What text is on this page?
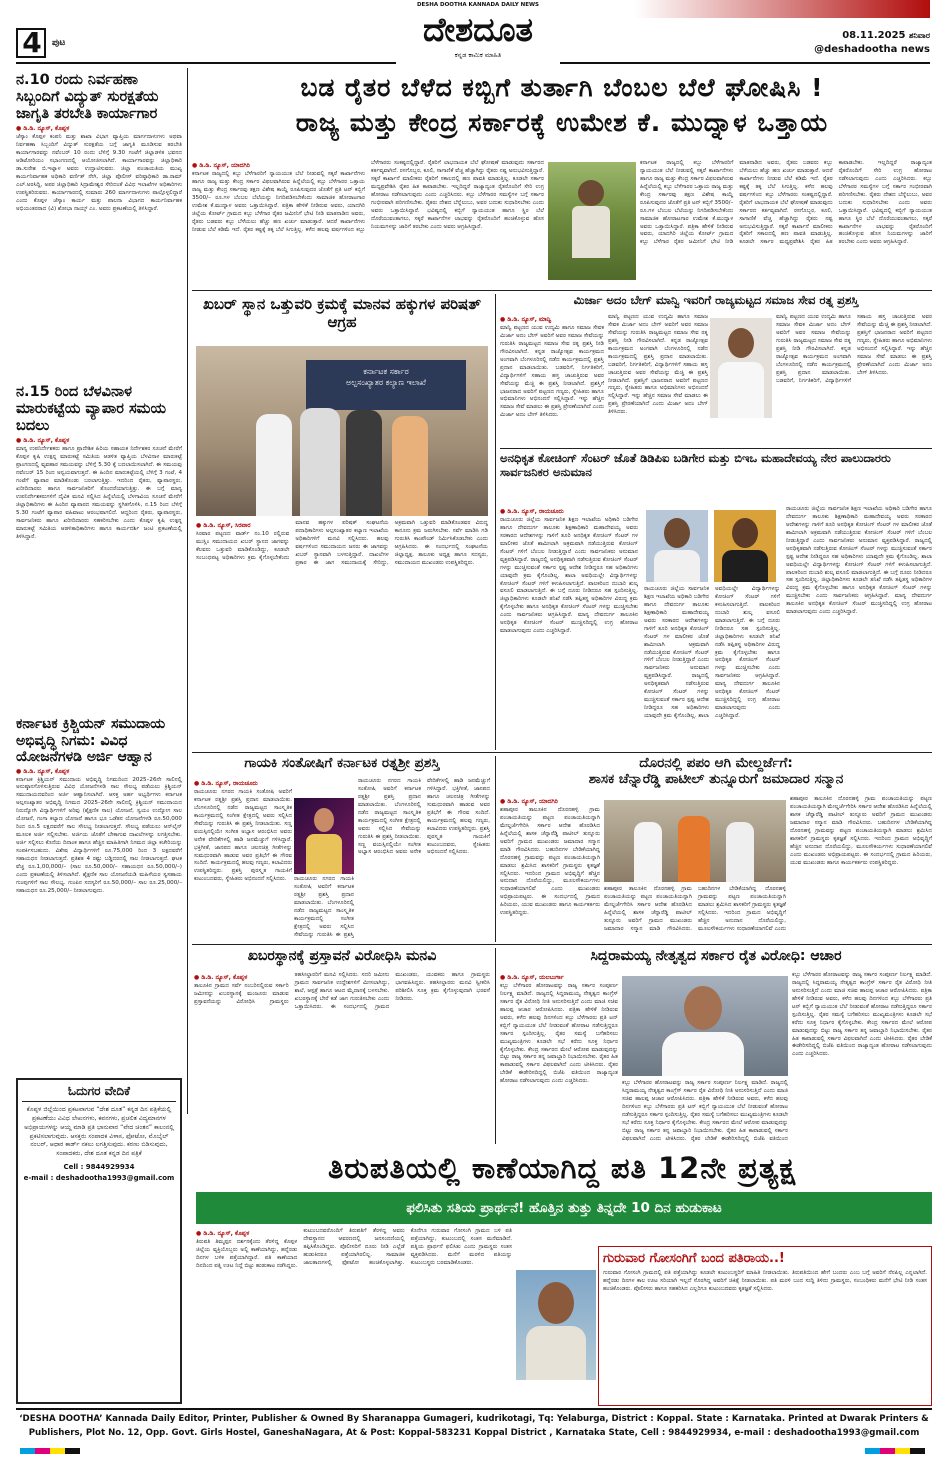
4	ಪುಟ
DESHA DOOTHA KANNADA DAILY NEWS
ದೇಶದೂತ
ಕನ್ನಡ ಕಾಮಿಕ ಮಾಹಿತಿ
08.11.2025 ಶನಿವಾರ
@deshadootha news
ನ.10 ರಂದು ನಿರ್ವಹಣಾ ಸಿಬ್ಬಂದಿಗೆ ವಿದ್ಯುತ್ ಸುರಕ್ಷತೆಯ ಜಾಗೃತಿ ತರಬೇತಿ ಕಾರ್ಯಾಗಾರ
● ಡಿ.ಡಿ. ನ್ಯೂಸ್, ಕೊಪ್ಪಳ
ಜೆಸ್ಕಾಂ ಕೊಪ್ಪಳ ಕಂಪನಿ ಮತ್ತು ಶಾಖಾ ವಿಭಾಗ ವ್ಯಾಪ್ತಿಯ ಮಾರ್ಗದಾಳುಗಳು ಅಥವಾ ನಿರ್ವಹಣಾ ಸಿಬ್ಬಂದಿಗೆ ವಿದ್ಯುತ್ ಸುರಕ್ಷತೆಯ ಬಗ್ಗೆ ಜಾಗೃತಿ ಮೂಡಿಸುವ ತರಬೇತಿ ಕಾರ್ಯಾಗಾರವನ್ನು ನವೆಂಬರ್ 10 ರಂದು ಬೆಳಿಗ್ಗೆ 9.30 ಗಂಟೆಗೆ ಜಿಲ್ಲಾಡಳಿತ ಭವನದ ಆಡಿಟೋರಿಯಂ ಸಭಾಂಗಣದಲ್ಲಿ ಆಯೋಜಿಸಲಾಗಿದೆ. ಕಾರ್ಯಾಗಾರವನ್ನು ಜಿಲ್ಲಾಧಿಕಾರಿ ಡಾ.ಸುರೇಶ ಬಿ.ಇಟ್ನಾಳ ಅವರು ಉದ್ಘಾಟಿಸುವರು. ಜಿಲ್ಲಾ ಪಂಚಾಯತಿಯ ಮುಖ್ಯ ಕಾರ್ಯನಿರ್ವಾಹಕ ಅಧಿಕಾರಿ ವರ್ಣಿತ್ ನೇಗಿ, ಜಿಲ್ಲಾ ಪೊಲೀಸ್ ವರಿಷ್ಠಾಧಿಕಾರಿ ಡಾ.ರಾಮ್ ಎಲ್.ಅರಸಿದ್ದಿ, ಅಪರ ಜಿಲ್ಲಾಧಿಕಾರಿ ಸಿದ್ರಾಮೇಶ್ವರ ಸೇರಿದಂತೆ ವಿವಿಧ ಇಲಾಖೆಗಳ ಅಧಿಕಾರಿಗಳು ಉಪಸ್ಥಿತರಿರುವರು. ಕಾರ್ಯಾಗಾರದಲ್ಲಿ ಸುಮಾರು 260 ಮಾರ್ಗದಾಳುಗಳು ಪಾಲ್ಗೊಳ್ಳಲಿದ್ದಾರೆ ಎಂದು ಕೊಪ್ಪಳ ಜೆಸ್ಕಾಂ ಕಾರ್ಯ ಮತ್ತು ಪಾಲನಾ ವಿಭಾಗದ ಕಾರ್ಯನಿರ್ವಾಹಕ ಅಭಿಯಂತರರಾದ (ವಿ) ಶೋಭಾ ನಾಯ್ಕ್ ಎಂ. ಅವರು ಪ್ರಕಟಣೆಯಲ್ಲಿ ತಿಳಿಸಿದ್ದಾರೆ.
ನ.15 ರಿಂದ ಬೆಳವಿನಾಳ ಮಾರುಕಟ್ಟೆಯ ವ್ಯಾಪಾರ ಸಮಯ ಬದಲು
● ಡಿ.ಡಿ. ನ್ಯೂಸ್, ಕೊಪ್ಪಳ
ಮಾನ್ಯ ಉಪನಿರ್ದೇಶಕರು ಹಾಗೂ ಪ್ರಾದೇಶಿಕ ಹಿರಿಯ ಸಹಾಯಕ ನಿರ್ದೇಶಕರ ಸೂಚನೆ ಮೇರೆಗೆ ಕೊಪ್ಪಳ ಕೃಷಿ ಉತ್ಪನ್ನ ಮಾರುಕಟ್ಟೆ ಸಮಿತಿಯ ಆಡಳಿತ ವ್ಯಾಪ್ತಿಯ ಬೆಳವಿನಾಳ ಮಾರುಕಟ್ಟೆ ಪ್ರಾಂಗಣದಲ್ಲಿ ವ್ಯವಹಾರ ಸಮಯವನ್ನು ಬೆಳಿಗ್ಗೆ 5.30 ಕ್ಕೆ ಬದಲಾಯಿಸಲಾಗಿದೆ. ಈ ಸಮಯವು ನವೆಂಬರ್ 15 ರಿಂದ ಅನ್ವಯವಾಗುತ್ತದೆ. ಈ ಹಿಂದಿನ ಮಾರುಕಟ್ಟೆಯಲ್ಲಿ ಬೆಳಿಗ್ಗೆ 3 ಗಂಟೆ, 4 ಗಂಟೆಗೆ ವ್ಯಾಪಾರ ಮಾಡಿಕೊಂಡು ಬರಲಾಗುತ್ತಿತ್ತು. ಇದರಿಂದ ರೈತರು, ವ್ಯಾಪಾರಸ್ಥರು, ಖರೀದಿದಾರರು ಹಾಗೂ ಸಾರ್ವಜನಿಕರಿಗೆ ತೊಂದರೆಯಾಗುತ್ತಿತ್ತು. ಈ ಬಗ್ಗೆ ಮಾನ್ಯ ಉಪನಿರ್ದೇಶಕರುಗಳಿಗೆ ದೈವಿಕ ಮನವಿ ಸಲ್ಲಿಸಿದ ಹಿನ್ನೆಲೆಯಲ್ಲಿ ಬೆಳಗಾವಿಯ ಸೂಚನೆ ಮೇರೆಗೆ ಜಿಲ್ಲಾಧಿಕಾರಿಗಳು ಈ ಹಿಂದಿನ ವ್ಯಾಪಾರದ ಸಮಯವನ್ನು ಸ್ಥಗಿತಗೊಳಿಸಿ, ನ.15 ರಿಂದ ಬೆಳಿಗ್ಗೆ 5.30 ಗಂಟೆಗೆ ವ್ಯಾಪಾರ ವಹಿವಾಟು ಆರಂಭವಾಗಲಿದೆ. ಆದ್ದರಿಂದ ರೈತರು, ವ್ಯಾಪಾರಸ್ಥರು, ಸಾರ್ವಜನಿಕರು ಹಾಗೂ ಖರೀದಿದಾರರು ಸಹಕರಿಸಬೇಕು ಎಂದು ಕೊಪ್ಪಳ ಕೃಷಿ ಉತ್ಪನ್ನ ಮಾರುಕಟ್ಟೆ ಸಮಿತಿಯ ಆಡಳಿತಾಧಿಕಾರಿಗಳು ಹಾಗೂ ಕಾರ್ಯದರ್ಶಿ ಜಂಟಿ ಪ್ರಕಟಣೆಯಲ್ಲಿ ತಿಳಿಸಿದ್ದಾರೆ.
ಕರ್ನಾಟಕ ಕ್ರಿಶ್ಚಿಯನ್ ಸಮುದಾಯ ಅಭಿವೃದ್ಧಿ ನಿಗಮ: ವಿವಿಧ ಯೋಜನೆಗಳಡಿ ಅರ್ಜಿ ಆಹ್ವಾನ
● ಡಿ.ಡಿ. ನ್ಯೂಸ್, ಕೊಪ್ಪಳ
ಕರ್ನಾಟಕ ಕ್ರಿಶ್ಚಿಯನ್ ಸಮುದಾಯ ಅಭಿವೃದ್ಧಿ ನಿಗಮದಿಂದ 2025–26ನೇ ಸಾಲಿನಲ್ಲಿ ಅನುಷ್ಠಾನಗೊಳಿಸುತ್ತಿರುವ ವಿವಿಧ ಯೋಜನೆಗಳಡಿ ಸಾಲ ಸೌಲಭ್ಯ ಪಡೆಯಲು ಕ್ರಿಶ್ಚಿಯನ್ ಸಮುದಾಯದವರಿಂದ ಅರ್ಜಿ ಆಹ್ವಾನಿಸಲಾಗಿದೆ. ಆಸಕ್ತ ಅರ್ಹ ಅಭ್ಯರ್ಥಿಗಳು ಕರ್ನಾಟಕ ಅಲ್ಪಸಂಖ್ಯಾತರ ಅಭಿವೃದ್ಧಿ ನಿಗಮದ 2025–26ನೇ ಸಾಲಿನಲ್ಲಿ ಕ್ರಿಶ್ಚಿಯನ್ ಸಮುದಾಯದ ನಿರುದ್ಯೋಗಿ ವಿದ್ಯಾರ್ಥಿಗಳಿಗೆ ಅರಿವು (ಶೈಕ್ಷಣಿಕ ಸಾಲ) ಯೋಜನೆ, ಸ್ವಯಂ ಉದ್ಯೋಗ ಸಾಲ ಯೋಜನೆ, ಗಂಗಾ ಕಲ್ಯಾಣ ಯೋಜನೆ ಹಾಗೂ ಭೂ ಒಡೆತನ ಯೋಜನೆಗಳಡಿ ರೂ.50,000 ರಿಂದ ರೂ.5 ಲಕ್ಷದವರೆಗೆ ಸಾಲ ಸೌಲಭ್ಯ ನೀಡಲಾಗುತ್ತದೆ. ಸೌಲಭ್ಯ ಪಡೆಯಲು ಆನ್‌ಲೈನ್ ಮೂಲಕ ಅರ್ಜಿ ಸಲ್ಲಿಸಬೇಕು. ಅರ್ಜಿಯ ಜೊತೆಗೆ ಬೇಕಾಗುವ ದಾಖಲೆಗಳನ್ನು ಲಗತ್ತಿಸಬೇಕು. ಅರ್ಜಿ ಸಲ್ಲಿಸಲು ಕೊನೆಯ ದಿನಾಂಕ ಹಾಗೂ ಹೆಚ್ಚಿನ ಮಾಹಿತಿಗಾಗಿ ನಿಗಮದ ಜಿಲ್ಲಾ ಕಚೇರಿಯನ್ನು ಸಂಪರ್ಕಿಸಬಹುದು. ವಿಶೇಷ ವಿದ್ಯಾರ್ಥಿಗಳಿಗೆ ರೂ.75,000 ರಿಂದ 3 ಲಕ್ಷದವರೆಗೆ ಸಹಾಯಧನ ನೀಡಲಾಗುತ್ತದೆ. ಪ್ರತಿಶತ 4 ರಷ್ಟು ಬಡ್ಡಿದರದಲ್ಲಿ ಸಾಲ ನೀಡಲಾಗುತ್ತದೆ. ಘಟಕ ವೆಚ್ಚ ರೂ.1,00,000/– (ಸಾಲ ರೂ.50,000/– ಸಹಾಯಧನ ರೂ.50,000/–) ಎಂದು ಪ್ರಕಟಣೆಯಲ್ಲಿ ತಿಳಿಸಲಾಗಿದೆ. ಶೈಕ್ಷಣಿಕ ಸಾಲ ಯೋಜನೆಯಡಿ ಮಹಿಳೆಯರ ಸ್ವಸಹಾಯ ಗುಂಪುಗಳಿಗೆ ಸಾಲ ಸೌಲಭ್ಯ. ಗುಂಪಿನ ಸದಸ್ಯರಿಗೆ ರೂ.50,000/– ಸಾಲ ರೂ.25,000/– ಸಹಾಯಧನ ರೂ.25,000/– ನೀಡಲಾಗುವುದು.
ಓದುಗರ ವೇದಿಕೆ
ಕೊಪ್ಪಳ ಜಿಲ್ಲೆಯಿಂದ ಪ್ರಕಟವಾಗುವ “ದೇಶ ದೂತ” ಕನ್ನಡ ದಿನ ಪತ್ರಿಕೆಯಲ್ಲಿ ಪ್ರಕಟಣೆಯು ವಿವಿಧ ಲೇಖನಗಳು, ಕವನಗಳು, ಪ್ರಚಲಿತ ವಿದ್ಯಮಾನಗಳ ಅಭಿಪ್ರಾಯಗಳನ್ನು ಆಯ್ದ ಮಾಡಿ ಪ್ರತಿ ಭಾನುವಾರ “ವೇದ ಚಿಂತನ” ಕಾಲಂನಲ್ಲಿ ಪ್ರಕಟಿಸಲಾಗುವುದು. ಆಸಕ್ತರು ಸಂಪಾದಕ ವಿಳಾಸ, ಫೋಟೋ, ಮೊಬೈಲ್ ನಂಬರ್, ಆಧಾರ ಕಾರ್ಡ್ ನಕಲು ಲಗತ್ತಿಸುವುದು. ಕರಣು ಬಿಡಿಸುವುದು, ಸಂಪಾದಕರು, ದೇಶ ದೂತ ಕನ್ನಡ ದಿನ ಪತ್ರಿಕೆ
Cell : 9844929934
e-mail : deshadootha1993@gmail.com
ಬಡ ರೈತರ ಬೆಳೆದ ಕಬ್ಬಿಗೆ ತುರ್ತಾಗಿ ಬೆಂಬಲ ಬೆಲೆ ಘೋಷಿಸಿ !
ರಾಜ್ಯ ಮತ್ತು ಕೇಂದ್ರ ಸರ್ಕಾರಕ್ಕೆ ಉಮೇಶ ಕೆ. ಮುದ್ನಾಳ ಒತ್ತಾಯ
● ಡಿ.ಡಿ. ನ್ಯೂಸ್, ಯಾದಗಿರಿ
ಕರ್ನಾಟಕ ರಾಜ್ಯದಲ್ಲಿ ಕಬ್ಬು ಬೆಳೆಗಾರರಿಗೆ ನ್ಯಾಯಯುತ ಬೆಲೆ ನೀಡುವಲ್ಲಿ ಸಕ್ಕರೆ ಕಾರ್ಖಾನೆಗಳು ಹಾಗೂ ರಾಜ್ಯ ಮತ್ತು ಕೇಂದ್ರ ಸರ್ಕಾರ ವಿಫಲವಾಗಿರುವ ಹಿನ್ನೆಲೆಯಲ್ಲಿ ಕಬ್ಬು ಬೆಳೆಗಾರರ ಒತ್ತಾಯ ರಾಜ್ಯ ಮತ್ತು ಕೇಂದ್ರ ಸರ್ಕಾರವು ತಕ್ಷಣ ವಿಶೇಷ ಕಾಯ್ದೆ ರೂಪಿಸುವುದರ ಜೊತೆಗೆ ಪ್ರತಿ ಟನ್ ಕಬ್ಬಿಗೆ 3500/– ರೂ.ಗಳ ಬೆಂಬಲ ಬೆಲೆಯನ್ನು ನಿಗದಿಪಡಿಸಬೇಕೆಂದು ಸಾಮಾಜಿಕ ಹೋರಾಟಗಾರ ಉಮೇಶ ಕೆ.ಮುದ್ನಾಳ ಅವರು ಒತ್ತಾಯಿಸಿದ್ದಾರೆ. ಪತ್ರಿಕಾ ಹೇಳಿಕೆ ನೀಡಿರುವ ಅವರು, ಯಾದಗಿರಿ ಜಿಲ್ಲೆಯ ಕೋರ್ಟ್ ಗ್ರಾಮದ ಕಬ್ಬು ಬೆಳೆಗಾರ ರೈತರ ಜಮೀನಿಗೆ ಭೇಟಿ ನೀಡಿ ಮಾತನಾಡಿದ ಅವರು, ರೈತರು ಬಡವರು ಕಬ್ಬು ಬೆಳೆಯಲು ಹೆಚ್ಚು ಹಣ ಖರ್ಚು ಮಾಡುತ್ತಾರೆ. ಆದರೆ ಕಾರ್ಖಾನೆಗಳು ನೀಡುವ ಬೆಲೆ ಕಡಿಮೆ ಇದೆ. ರೈತರ ಕಷ್ಟಕ್ಕೆ ತಕ್ಕ ಬೆಲೆ ಸಿಗುತ್ತಿಲ್ಲ. ಕಳೆದ ಹಲವು ವರ್ಷಗಳಿಂದ ಕಬ್ಬು ಬೆಳೆಗಾರರು ಸಂಕಷ್ಟದಲ್ಲಿದ್ದಾರೆ. ರೈತರಿಗೆ ಲಾಭದಾಯಕ ಬೆಲೆ ಘೋಷಣೆ ಮಾಡುವುದು ಸರ್ಕಾರದ ಕರ್ತವ್ಯವಾಗಿದೆ. ರಸಗೊಬ್ಬರ, ಕೂಲಿ, ಸಾಗಾಣಿಕೆ ವೆಚ್ಚ ಹೆಚ್ಚಾಗಿದ್ದು ರೈತರು ನಷ್ಟ ಅನುಭವಿಸುತ್ತಿದ್ದಾರೆ. ಸಕ್ಕರೆ ಕಾರ್ಖಾನೆ ಮಾಲೀಕರು ರೈತರಿಗೆ ಸಕಾಲದಲ್ಲಿ ಹಣ ಪಾವತಿ ಮಾಡುತ್ತಿಲ್ಲ. ಕೂಡಲೇ ಸರ್ಕಾರ ಮಧ್ಯಪ್ರವೇಶಿಸಿ ರೈತರ ಹಿತ ಕಾಪಾಡಬೇಕು. ಇಲ್ಲದಿದ್ದರೆ ರಾಜ್ಯಾದ್ಯಂತ ರೈತರೊಂದಿಗೆ ಸೇರಿ ಉಗ್ರ ಹೋರಾಟ ನಡೆಸಲಾಗುವುದು ಎಂದು ಎಚ್ಚರಿಸಿದರು. ಕಬ್ಬು ಬೆಳೆಗಾರರ ಸಮಸ್ಯೆಗಳ ಬಗ್ಗೆ ಸರ್ಕಾರ ಗಂಭೀರವಾಗಿ ಪರಿಗಣಿಸಬೇಕು. ರೈತರು ದೇಶದ ಬೆನ್ನೆಲುಬು, ಅವರ ಬದುಕು ಸುಧಾರಿಸಬೇಕು ಎಂದು ಅವರು ಒತ್ತಾಯಿಸಿದ್ದಾರೆ. ಭವಿಷ್ಯದಲ್ಲಿ ಕಬ್ಬಿಗೆ ನ್ಯಾಯಯುತ ಹಾಗೂ ಸ್ಥಿರ ಬೆಲೆ ದೊರೆಯುವಂತಾಗಲು, ಸಕ್ಕರೆ ಕಾರ್ಖಾನೆಗಳ ಲಾಭವನ್ನು ರೈತರೊಂದಿಗೆ ಹಂಚಿಕೊಳ್ಳುವ ಹೊಸ ನಿಯಮಗಳನ್ನು ಜಾರಿಗೆ ತರಬೇಕು ಎಂದು ಅವರು ಆಗ್ರಹಿಸಿದ್ದಾರೆ.
ಕರ್ನಾಟಕ ರಾಜ್ಯದಲ್ಲಿ ಕಬ್ಬು ಬೆಳೆಗಾರರಿಗೆ ನ್ಯಾಯಯುತ ಬೆಲೆ ನೀಡುವಲ್ಲಿ ಸಕ್ಕರೆ ಕಾರ್ಖಾನೆಗಳು ಹಾಗೂ ರಾಜ್ಯ ಮತ್ತು ಕೇಂದ್ರ ಸರ್ಕಾರ ವಿಫಲವಾಗಿರುವ ಹಿನ್ನೆಲೆಯಲ್ಲಿ ಕಬ್ಬು ಬೆಳೆಗಾರರ ಒತ್ತಾಯ ರಾಜ್ಯ ಮತ್ತು ಕೇಂದ್ರ ಸರ್ಕಾರವು ತಕ್ಷಣ ವಿಶೇಷ ಕಾಯ್ದೆ ರೂಪಿಸುವುದರ ಜೊತೆಗೆ ಪ್ರತಿ ಟನ್ ಕಬ್ಬಿಗೆ 3500/– ರೂ.ಗಳ ಬೆಂಬಲ ಬೆಲೆಯನ್ನು ನಿಗದಿಪಡಿಸಬೇಕೆಂದು ಸಾಮಾಜಿಕ ಹೋರಾಟಗಾರ ಉಮೇಶ ಕೆ.ಮುದ್ನಾಳ ಅವರು ಒತ್ತಾಯಿಸಿದ್ದಾರೆ. ಪತ್ರಿಕಾ ಹೇಳಿಕೆ ನೀಡಿರುವ ಅವರು, ಯಾದಗಿರಿ ಜಿಲ್ಲೆಯ ಕೋರ್ಟ್ ಗ್ರಾಮದ ಕಬ್ಬು ಬೆಳೆಗಾರ ರೈತರ ಜಮೀನಿಗೆ ಭೇಟಿ ನೀಡಿ ಮಾತನಾಡಿದ ಅವರು, ರೈತರು ಬಡವರು ಕಬ್ಬು ಬೆಳೆಯಲು ಹೆಚ್ಚು ಹಣ ಖರ್ಚು ಮಾಡುತ್ತಾರೆ. ಆದರೆ ಕಾರ್ಖಾನೆಗಳು ನೀಡುವ ಬೆಲೆ ಕಡಿಮೆ ಇದೆ. ರೈತರ ಕಷ್ಟಕ್ಕೆ ತಕ್ಕ ಬೆಲೆ ಸಿಗುತ್ತಿಲ್ಲ. ಕಳೆದ ಹಲವು ವರ್ಷಗಳಿಂದ ಕಬ್ಬು ಬೆಳೆಗಾರರು ಸಂಕಷ್ಟದಲ್ಲಿದ್ದಾರೆ. ರೈತರಿಗೆ ಲಾಭದಾಯಕ ಬೆಲೆ ಘೋಷಣೆ ಮಾಡುವುದು ಸರ್ಕಾರದ ಕರ್ತವ್ಯವಾಗಿದೆ. ರಸಗೊಬ್ಬರ, ಕೂಲಿ, ಸಾಗಾಣಿಕೆ ವೆಚ್ಚ ಹೆಚ್ಚಾಗಿದ್ದು ರೈತರು ನಷ್ಟ ಅನುಭವಿಸುತ್ತಿದ್ದಾರೆ. ಸಕ್ಕರೆ ಕಾರ್ಖಾನೆ ಮಾಲೀಕರು ರೈತರಿಗೆ ಸಕಾಲದಲ್ಲಿ ಹಣ ಪಾವತಿ ಮಾಡುತ್ತಿಲ್ಲ. ಕೂಡಲೇ ಸರ್ಕಾರ ಮಧ್ಯಪ್ರವೇಶಿಸಿ ರೈತರ ಹಿತ ಕಾಪಾಡಬೇಕು. ಇಲ್ಲದಿದ್ದರೆ ರಾಜ್ಯಾದ್ಯಂತ ರೈತರೊಂದಿಗೆ ಸೇರಿ ಉಗ್ರ ಹೋರಾಟ ನಡೆಸಲಾಗುವುದು ಎಂದು ಎಚ್ಚರಿಸಿದರು. ಕಬ್ಬು ಬೆಳೆಗಾರರ ಸಮಸ್ಯೆಗಳ ಬಗ್ಗೆ ಸರ್ಕಾರ ಗಂಭೀರವಾಗಿ ಪರಿಗಣಿಸಬೇಕು. ರೈತರು ದೇಶದ ಬೆನ್ನೆಲುಬು, ಅವರ ಬದುಕು ಸುಧಾರಿಸಬೇಕು ಎಂದು ಅವರು ಒತ್ತಾಯಿಸಿದ್ದಾರೆ. ಭವಿಷ್ಯದಲ್ಲಿ ಕಬ್ಬಿಗೆ ನ್ಯಾಯಯುತ ಹಾಗೂ ಸ್ಥಿರ ಬೆಲೆ ದೊರೆಯುವಂತಾಗಲು, ಸಕ್ಕರೆ ಕಾರ್ಖಾನೆಗಳ ಲಾಭವನ್ನು ರೈತರೊಂದಿಗೆ ಹಂಚಿಕೊಳ್ಳುವ ಹೊಸ ನಿಯಮಗಳನ್ನು ಜಾರಿಗೆ ತರಬೇಕು ಎಂದು ಅವರು ಆಗ್ರಹಿಸಿದ್ದಾರೆ.
ಖಬರ್ ಸ್ಥಾನ ಒತ್ತುವರಿ ಕ್ರಮಕ್ಕೆ ಮಾನವ ಹಕ್ಕುಗಳ ಪರಿಷತ್ ಆಗ್ರಹ
ಕರ್ನಾಟಕ ಸರ್ಕಾರ
ಅಲ್ಪಸಂಖ್ಯಾತರ ಕಲ್ಯಾಣ ಇಲಾಖೆ
● ಡಿ.ಡಿ. ನ್ಯೂಸ್, ಸಿರವಾರ
ಸಿರವಾರ ಪಟ್ಟಣದ ವಾರ್ಡ್ ನಂ.10 ರಲ್ಲಿರುವ ಮುಸ್ಲಿಂ ಸಮುದಾಯದ ಖಬರ್ ಸ್ಥಾನದ ಜಾಗವನ್ನು ಕೆಲವರು ಒತ್ತುವರಿ ಮಾಡಿಕೊಂಡಿದ್ದು, ಕೂಡಲೇ ಸಂಬಂಧಪಟ್ಟ ಅಧಿಕಾರಿಗಳು ಕ್ರಮ ಕೈಗೊಳ್ಳಬೇಕೆಂದು ಮಾನವ ಹಕ್ಕುಗಳ ಪರಿಷತ್ ಸಂಘಟನೆಯ ಪದಾಧಿಕಾರಿಗಳು ಅಲ್ಪಸಂಖ್ಯಾತರ ಕಲ್ಯಾಣ ಇಲಾಖೆಯ ಅಧಿಕಾರಿಗಳಿಗೆ ಮನವಿ ಸಲ್ಲಿಸಿದರು. ಹಲವು ವರ್ಷಗಳಿಂದ ಸಮುದಾಯದ ಜನರು ಈ ಜಾಗವನ್ನು ಖಬರ್ ಸ್ಥಾನವಾಗಿ ಬಳಸುತ್ತಿದ್ದಾರೆ. ದಾಖಲೆಗಳ ಪ್ರಕಾರ ಈ ಜಾಗ ಸಮುದಾಯಕ್ಕೆ ಸೇರಿದ್ದು, ಅಕ್ರಮವಾಗಿ ಒತ್ತುವರಿ ಮಾಡಿಕೊಂಡವರ ವಿರುದ್ಧ ಕಾನೂನು ಕ್ರಮ ಜರುಗಿಸಬೇಕು. ಸರ್ವೆ ಮಾಡಿಸಿ ಗಡಿ ಗುರುತಿಸಿ ಕಾಂಪೌಂಡ್ ನಿರ್ಮಿಸಿಕೊಡಬೇಕು ಎಂದು ಆಗ್ರಹಿಸಿದರು. ಈ ಸಂದರ್ಭದಲ್ಲಿ ಸಂಘಟನೆಯ ಜಿಲ್ಲಾಧ್ಯಕ್ಷ, ತಾಲೂಕು ಅಧ್ಯಕ್ಷ ಹಾಗೂ ಸದಸ್ಯರು, ಸಮುದಾಯದ ಮುಖಂಡರು ಉಪಸ್ಥಿತರಿದ್ದರು.
ಮಿರ್ಜಾ ಅದಂ ಬೇಗ್ ಮಾನ್ವಿ ಇವರಿಗೆ ರಾಜ್ಯಮಟ್ಟದ ಸಮಾಜ ಸೇವ ರತ್ನ ಪ್ರಶಸ್ತಿ
● ಡಿ.ಡಿ. ನ್ಯೂಸ್, ಮಾನ್ವಿ
ಮಾನ್ವಿ ಪಟ್ಟಣದ ಯುವ ಉದ್ಯಮಿ ಹಾಗೂ ಸಮಾಜ ಸೇವಕ ಮಿರ್ಜಾ ಅದಂ ಬೇಗ್ ಅವರಿಗೆ ಅವರ ಸಮಾಜ ಸೇವೆಯನ್ನು ಗುರುತಿಸಿ ರಾಜ್ಯಮಟ್ಟದ ಸಮಾಜ ಸೇವ ರತ್ನ ಪ್ರಶಸ್ತಿ ನೀಡಿ ಗೌರವಿಸಲಾಗಿದೆ. ಕನ್ನಡ ರಾಜ್ಯೋತ್ಸವ ಕಾರ್ಯಕ್ರಮದ ಅಂಗವಾಗಿ ಬೆಂಗಳೂರಿನಲ್ಲಿ ನಡೆದ ಕಾರ್ಯಕ್ರಮದಲ್ಲಿ ಪ್ರಶಸ್ತಿ ಪ್ರದಾನ ಮಾಡಲಾಯಿತು. ಬಡವರಿಗೆ, ನಿರ್ಗತಿಕರಿಗೆ, ವಿದ್ಯಾರ್ಥಿಗಳಿಗೆ ಸಹಾಯ ಹಸ್ತ ಚಾಚುತ್ತಿರುವ ಅವರ ಸೇವೆಯನ್ನು ಮೆಚ್ಚಿ ಈ ಪ್ರಶಸ್ತಿ ನೀಡಲಾಗಿದೆ. ಪ್ರಶಸ್ತಿಗೆ ಭಾಜನರಾದ ಅವರಿಗೆ ಪಟ್ಟಣದ ಗಣ್ಯರು, ಸ್ನೇಹಿತರು ಹಾಗೂ ಅಭಿಮಾನಿಗಳು ಅಭಿನಂದನೆ ಸಲ್ಲಿಸಿದ್ದಾರೆ. ಇನ್ನು ಹೆಚ್ಚಿನ ಸಮಾಜ ಸೇವೆ ಮಾಡಲು ಈ ಪ್ರಶಸ್ತಿ ಪ್ರೇರಣೆಯಾಗಿದೆ ಎಂದು ಮಿರ್ಜಾ ಅದಂ ಬೇಗ್ ತಿಳಿಸಿದರು.
ಮಾನ್ವಿ ಪಟ್ಟಣದ ಯುವ ಉದ್ಯಮಿ ಹಾಗೂ ಸಮಾಜ ಸೇವಕ ಮಿರ್ಜಾ ಅದಂ ಬೇಗ್ ಅವರಿಗೆ ಅವರ ಸಮಾಜ ಸೇವೆಯನ್ನು ಗುರುತಿಸಿ ರಾಜ್ಯಮಟ್ಟದ ಸಮಾಜ ಸೇವ ರತ್ನ ಪ್ರಶಸ್ತಿ ನೀಡಿ ಗೌರವಿಸಲಾಗಿದೆ. ಕನ್ನಡ ರಾಜ್ಯೋತ್ಸವ ಕಾರ್ಯಕ್ರಮದ ಅಂಗವಾಗಿ ಬೆಂಗಳೂರಿನಲ್ಲಿ ನಡೆದ ಕಾರ್ಯಕ್ರಮದಲ್ಲಿ ಪ್ರಶಸ್ತಿ ಪ್ರದಾನ ಮಾಡಲಾಯಿತು. ಬಡವರಿಗೆ, ನಿರ್ಗತಿಕರಿಗೆ, ವಿದ್ಯಾರ್ಥಿಗಳಿಗೆ ಸಹಾಯ ಹಸ್ತ ಚಾಚುತ್ತಿರುವ ಅವರ ಸೇವೆಯನ್ನು ಮೆಚ್ಚಿ ಈ ಪ್ರಶಸ್ತಿ ನೀಡಲಾಗಿದೆ. ಪ್ರಶಸ್ತಿಗೆ ಭಾಜನರಾದ ಅವರಿಗೆ ಪಟ್ಟಣದ ಗಣ್ಯರು, ಸ್ನೇಹಿತರು ಹಾಗೂ ಅಭಿಮಾನಿಗಳು ಅಭಿನಂದನೆ ಸಲ್ಲಿಸಿದ್ದಾರೆ. ಇನ್ನು ಹೆಚ್ಚಿನ ಸಮಾಜ ಸೇವೆ ಮಾಡಲು ಈ ಪ್ರಶಸ್ತಿ ಪ್ರೇರಣೆಯಾಗಿದೆ ಎಂದು ಮಿರ್ಜಾ ಅದಂ ಬೇಗ್ ತಿಳಿಸಿದರು.
ಮಾನ್ವಿ ಪಟ್ಟಣದ ಯುವ ಉದ್ಯಮಿ ಹಾಗೂ ಸಮಾಜ ಸೇವಕ ಮಿರ್ಜಾ ಅದಂ ಬೇಗ್ ಅವರಿಗೆ ಅವರ ಸಮಾಜ ಸೇವೆಯನ್ನು ಗುರುತಿಸಿ ರಾಜ್ಯಮಟ್ಟದ ಸಮಾಜ ಸೇವ ರತ್ನ ಪ್ರಶಸ್ತಿ ನೀಡಿ ಗೌರವಿಸಲಾಗಿದೆ. ಕನ್ನಡ ರಾಜ್ಯೋತ್ಸವ ಕಾರ್ಯಕ್ರಮದ ಅಂಗವಾಗಿ ಬೆಂಗಳೂರಿನಲ್ಲಿ ನಡೆದ ಕಾರ್ಯಕ್ರಮದಲ್ಲಿ ಪ್ರಶಸ್ತಿ ಪ್ರದಾನ ಮಾಡಲಾಯಿತು. ಬಡವರಿಗೆ, ನಿರ್ಗತಿಕರಿಗೆ, ವಿದ್ಯಾರ್ಥಿಗಳಿಗೆ ಸಹಾಯ ಹಸ್ತ ಚಾಚುತ್ತಿರುವ ಅವರ ಸೇವೆಯನ್ನು ಮೆಚ್ಚಿ ಈ ಪ್ರಶಸ್ತಿ ನೀಡಲಾಗಿದೆ. ಪ್ರಶಸ್ತಿಗೆ ಭಾಜನರಾದ ಅವರಿಗೆ ಪಟ್ಟಣದ ಗಣ್ಯರು, ಸ್ನೇಹಿತರು ಹಾಗೂ ಅಭಿಮಾನಿಗಳು ಅಭಿನಂದನೆ ಸಲ್ಲಿಸಿದ್ದಾರೆ. ಇನ್ನು ಹೆಚ್ಚಿನ ಸಮಾಜ ಸೇವೆ ಮಾಡಲು ಈ ಪ್ರಶಸ್ತಿ ಪ್ರೇರಣೆಯಾಗಿದೆ ಎಂದು ಮಿರ್ಜಾ ಅದಂ ಬೇಗ್ ತಿಳಿಸಿದರು.
ಅನಧಿಕೃತ ಕೋಚಿಂಗ್ ಸೆಂಟರ್ ಜೊತೆ ಡಿಡಿಪಿಐ ಬಡಿಗೇರ ಮತ್ತು ಬಿಇಒ ಮಹಾದೇವಯ್ಯ ನೇರ ಪಾಲುದಾರರು ಸಾರ್ವಜನಿಕರ ಅನುಮಾನ
● ಡಿ.ಡಿ. ನ್ಯೂಸ್, ರಾಯಚೂರು
ರಾಯಚೂರು ಜಿಲ್ಲೆಯ ಸಾರ್ವಜನಿಕ ಶಿಕ್ಷಣ ಇಲಾಖೆಯ ಅಧಿಕಾರಿ ಬಡಿಗೇರ ಹಾಗೂ ದೇವದುರ್ಗ ತಾಲೂಕು ಶಿಕ್ಷಣಾಧಿಕಾರಿ ಮಹಾದೇವಯ್ಯ ಅವರು ಸರಕಾರದ ಆದೇಶಗಳನ್ನು ಗಾಳಿಗೆ ತೂರಿ ಅನಧಿಕೃತ ಕೋಚಿಂಗ್ ಸೆಂಟರ್ ಗಳ ಮಾಲೀಕರ ಜೊತೆ ಶಾಮೀಲಾಗಿ ಅಕ್ರಮವಾಗಿ ನಡೆಯುತ್ತಿರುವ ಕೋಚಿಂಗ್ ಸೆಂಟರ್ ಗಳಿಗೆ ಬೆಂಬಲ ನೀಡುತ್ತಿದ್ದಾರೆ ಎಂದು ಸಾರ್ವಜನಿಕರು ಅನುಮಾನ ವ್ಯಕ್ತಪಡಿಸಿದ್ದಾರೆ. ರಾಜ್ಯದಲ್ಲಿ ಅನಧಿಕೃತವಾಗಿ ನಡೆಸುತ್ತಿರುವ ಕೋಚಿಂಗ್ ಸೆಂಟರ್ ಗಳನ್ನು ಮುಚ್ಚಿಸುವಂತೆ ಸರ್ಕಾರ ಸ್ಪಷ್ಟ ಆದೇಶ ನೀಡಿದ್ದರೂ ಸಹ ಅಧಿಕಾರಿಗಳು ಯಾವುದೇ ಕ್ರಮ ಕೈಗೊಂಡಿಲ್ಲ. ಶಾಲಾ ಅವಧಿಯಲ್ಲೇ ವಿದ್ಯಾರ್ಥಿಗಳನ್ನು ಕೋಚಿಂಗ್ ಸೆಂಟರ್ ಗಳಿಗೆ ಕಳುಹಿಸಲಾಗುತ್ತಿದೆ. ಪಾಲಕರಿಂದ ದುಬಾರಿ ಶುಲ್ಕ ವಸೂಲಿ ಮಾಡಲಾಗುತ್ತಿದೆ. ಈ ಬಗ್ಗೆ ದೂರು ನೀಡಿದರೂ ಸಹ ಸ್ಪಂದಿಸುತ್ತಿಲ್ಲ. ಜಿಲ್ಲಾಧಿಕಾರಿಗಳು ಕೂಡಲೇ ತನಿಖೆ ನಡೆಸಿ ತಪ್ಪಿತಸ್ಥ ಅಧಿಕಾರಿಗಳ ವಿರುದ್ಧ ಕ್ರಮ ಕೈಗೊಳ್ಳಬೇಕು ಹಾಗೂ ಅನಧಿಕೃತ ಕೋಚಿಂಗ್ ಸೆಂಟರ್ ಗಳನ್ನು ಮುಚ್ಚಿಸಬೇಕು ಎಂದು ಸಾರ್ವಜನಿಕರು ಆಗ್ರಹಿಸಿದ್ದಾರೆ. ಮಾನ್ಯ ದೇವದುರ್ಗ ತಾಲೂಕಿನ ಅನಧಿಕೃತ ಕೋಚಿಂಗ್ ಸೆಂಟರ್ ಮುಚ್ಚಿಸದಿದ್ದಲ್ಲಿ ಉಗ್ರ ಹೋರಾಟ ಮಾಡಲಾಗುವುದು ಎಂದು ಎಚ್ಚರಿಸಿದ್ದಾರೆ.
ರಾಯಚೂರು ಜಿಲ್ಲೆಯ ಸಾರ್ವಜನಿಕ ಶಿಕ್ಷಣ ಇಲಾಖೆಯ ಅಧಿಕಾರಿ ಬಡಿಗೇರ ಹಾಗೂ ದೇವದುರ್ಗ ತಾಲೂಕು ಶಿಕ್ಷಣಾಧಿಕಾರಿ ಮಹಾದೇವಯ್ಯ ಅವರು ಸರಕಾರದ ಆದೇಶಗಳನ್ನು ಗಾಳಿಗೆ ತೂರಿ ಅನಧಿಕೃತ ಕೋಚಿಂಗ್ ಸೆಂಟರ್ ಗಳ ಮಾಲೀಕರ ಜೊತೆ ಶಾಮೀಲಾಗಿ ಅಕ್ರಮವಾಗಿ ನಡೆಯುತ್ತಿರುವ ಕೋಚಿಂಗ್ ಸೆಂಟರ್ ಗಳಿಗೆ ಬೆಂಬಲ ನೀಡುತ್ತಿದ್ದಾರೆ ಎಂದು ಸಾರ್ವಜನಿಕರು ಅನುಮಾನ ವ್ಯಕ್ತಪಡಿಸಿದ್ದಾರೆ. ರಾಜ್ಯದಲ್ಲಿ ಅನಧಿಕೃತವಾಗಿ ನಡೆಸುತ್ತಿರುವ ಕೋಚಿಂಗ್ ಸೆಂಟರ್ ಗಳನ್ನು ಮುಚ್ಚಿಸುವಂತೆ ಸರ್ಕಾರ ಸ್ಪಷ್ಟ ಆದೇಶ ನೀಡಿದ್ದರೂ ಸಹ ಅಧಿಕಾರಿಗಳು ಯಾವುದೇ ಕ್ರಮ ಕೈಗೊಂಡಿಲ್ಲ. ಶಾಲಾ ಅವಧಿಯಲ್ಲೇ ವಿದ್ಯಾರ್ಥಿಗಳನ್ನು ಕೋಚಿಂಗ್ ಸೆಂಟರ್ ಗಳಿಗೆ ಕಳುಹಿಸಲಾಗುತ್ತಿದೆ. ಪಾಲಕರಿಂದ ದುಬಾರಿ ಶುಲ್ಕ ವಸೂಲಿ ಮಾಡಲಾಗುತ್ತಿದೆ. ಈ ಬಗ್ಗೆ ದೂರು ನೀಡಿದರೂ ಸಹ ಸ್ಪಂದಿಸುತ್ತಿಲ್ಲ. ಜಿಲ್ಲಾಧಿಕಾರಿಗಳು ಕೂಡಲೇ ತನಿಖೆ ನಡೆಸಿ ತಪ್ಪಿತಸ್ಥ ಅಧಿಕಾರಿಗಳ ವಿರುದ್ಧ ಕ್ರಮ ಕೈಗೊಳ್ಳಬೇಕು ಹಾಗೂ ಅನಧಿಕೃತ ಕೋಚಿಂಗ್ ಸೆಂಟರ್ ಗಳನ್ನು ಮುಚ್ಚಿಸಬೇಕು ಎಂದು ಸಾರ್ವಜನಿಕರು ಆಗ್ರಹಿಸಿದ್ದಾರೆ. ಮಾನ್ಯ ದೇವದುರ್ಗ ತಾಲೂಕಿನ ಅನಧಿಕೃತ ಕೋಚಿಂಗ್ ಸೆಂಟರ್ ಮುಚ್ಚಿಸದಿದ್ದಲ್ಲಿ ಉಗ್ರ ಹೋರಾಟ ಮಾಡಲಾಗುವುದು ಎಂದು ಎಚ್ಚರಿಸಿದ್ದಾರೆ.
ರಾಯಚೂರು ಜಿಲ್ಲೆಯ ಸಾರ್ವಜನಿಕ ಶಿಕ್ಷಣ ಇಲಾಖೆಯ ಅಧಿಕಾರಿ ಬಡಿಗೇರ ಹಾಗೂ ದೇವದುರ್ಗ ತಾಲೂಕು ಶಿಕ್ಷಣಾಧಿಕಾರಿ ಮಹಾದೇವಯ್ಯ ಅವರು ಸರಕಾರದ ಆದೇಶಗಳನ್ನು ಗಾಳಿಗೆ ತೂರಿ ಅನಧಿಕೃತ ಕೋಚಿಂಗ್ ಸೆಂಟರ್ ಗಳ ಮಾಲೀಕರ ಜೊತೆ ಶಾಮೀಲಾಗಿ ಅಕ್ರಮವಾಗಿ ನಡೆಯುತ್ತಿರುವ ಕೋಚಿಂಗ್ ಸೆಂಟರ್ ಗಳಿಗೆ ಬೆಂಬಲ ನೀಡುತ್ತಿದ್ದಾರೆ ಎಂದು ಸಾರ್ವಜನಿಕರು ಅನುಮಾನ ವ್ಯಕ್ತಪಡಿಸಿದ್ದಾರೆ. ರಾಜ್ಯದಲ್ಲಿ ಅನಧಿಕೃತವಾಗಿ ನಡೆಸುತ್ತಿರುವ ಕೋಚಿಂಗ್ ಸೆಂಟರ್ ಗಳನ್ನು ಮುಚ್ಚಿಸುವಂತೆ ಸರ್ಕಾರ ಸ್ಪಷ್ಟ ಆದೇಶ ನೀಡಿದ್ದರೂ ಸಹ ಅಧಿಕಾರಿಗಳು ಯಾವುದೇ ಕ್ರಮ ಕೈಗೊಂಡಿಲ್ಲ. ಶಾಲಾ ಅವಧಿಯಲ್ಲೇ ವಿದ್ಯಾರ್ಥಿಗಳನ್ನು ಕೋಚಿಂಗ್ ಸೆಂಟರ್ ಗಳಿಗೆ ಕಳುಹಿಸಲಾಗುತ್ತಿದೆ. ಪಾಲಕರಿಂದ ದುಬಾರಿ ಶುಲ್ಕ ವಸೂಲಿ ಮಾಡಲಾಗುತ್ತಿದೆ. ಈ ಬಗ್ಗೆ ದೂರು ನೀಡಿದರೂ ಸಹ ಸ್ಪಂದಿಸುತ್ತಿಲ್ಲ. ಜಿಲ್ಲಾಧಿಕಾರಿಗಳು ಕೂಡಲೇ ತನಿಖೆ ನಡೆಸಿ ತಪ್ಪಿತಸ್ಥ ಅಧಿಕಾರಿಗಳ ವಿರುದ್ಧ ಕ್ರಮ ಕೈಗೊಳ್ಳಬೇಕು ಹಾಗೂ ಅನಧಿಕೃತ ಕೋಚಿಂಗ್ ಸೆಂಟರ್ ಗಳನ್ನು ಮುಚ್ಚಿಸಬೇಕು ಎಂದು ಸಾರ್ವಜನಿಕರು ಆಗ್ರಹಿಸಿದ್ದಾರೆ. ಮಾನ್ಯ ದೇವದುರ್ಗ ತಾಲೂಕಿನ ಅನಧಿಕೃತ ಕೋಚಿಂಗ್ ಸೆಂಟರ್ ಮುಚ್ಚಿಸದಿದ್ದಲ್ಲಿ ಉಗ್ರ ಹೋರಾಟ ಮಾಡಲಾಗುವುದು ಎಂದು ಎಚ್ಚರಿಸಿದ್ದಾರೆ.
ಗಾಯಕಿ ಸಂತೋಷಿಗೆ ಕರ್ನಾಟಕ ರತ್ನಶ್ರೀ ಪ್ರಶಸ್ತಿ
● ಡಿ.ಡಿ. ನ್ಯೂಸ್, ರಾಯಚೂರು
ರಾಯಚೂರು ನಗರದ ಗಾಯಕಿ ಸಂತೋಷಿ ಅವರಿಗೆ ಕರ್ನಾಟಕ ರತ್ನಶ್ರೀ ಪ್ರಶಸ್ತಿ ಪ್ರದಾನ ಮಾಡಲಾಯಿತು. ಬೆಂಗಳೂರಿನಲ್ಲಿ ನಡೆದ ರಾಜ್ಯಮಟ್ಟದ ಸಾಂಸ್ಕೃತಿಕ ಕಾರ್ಯಕ್ರಮದಲ್ಲಿ ಸಂಗೀತ ಕ್ಷೇತ್ರದಲ್ಲಿ ಅವರು ಸಲ್ಲಿಸಿದ ಸೇವೆಯನ್ನು ಗುರುತಿಸಿ ಈ ಪ್ರಶಸ್ತಿ ನೀಡಲಾಯಿತು. ಸಣ್ಣ ವಯಸ್ಸಿನಲ್ಲಿಯೇ ಸಂಗೀತ ಅಭ್ಯಾಸ ಆರಂಭಿಸಿದ ಅವರು ಅನೇಕ ವೇದಿಕೆಗಳಲ್ಲಿ ಹಾಡಿ ಜನಮೆಚ್ಚುಗೆ ಗಳಿಸಿದ್ದಾರೆ. ಭಕ್ತಿಗೀತೆ, ಜಾನಪದ ಹಾಗೂ ಚಲನಚಿತ್ರ ಗೀತೆಗಳನ್ನು ಸುಮಧುರವಾಗಿ ಹಾಡುವ ಅವರ ಪ್ರತಿಭೆಗೆ ಈ ಗೌರವ ಸಂದಿದೆ. ಕಾರ್ಯಕ್ರಮದಲ್ಲಿ ಹಲವು ಗಣ್ಯರು, ಕಲಾವಿದರು ಉಪಸ್ಥಿತರಿದ್ದರು. ಪ್ರಶಸ್ತಿ ಪುರಸ್ಕೃತ ಗಾಯಕಿಗೆ ಕುಟುಂಬದವರು, ಸ್ನೇಹಿತರು ಅಭಿನಂದನೆ ಸಲ್ಲಿಸಿದರು.	ರಾಯಚೂರು ನಗರದ ಗಾಯಕಿ ಸಂತೋಷಿ ಅವರಿಗೆ ಕರ್ನಾಟಕ ರತ್ನಶ್ರೀ ಪ್ರಶಸ್ತಿ ಪ್ರದಾನ ಮಾಡಲಾಯಿತು. ಬೆಂಗಳೂರಿನಲ್ಲಿ ನಡೆದ ರಾಜ್ಯಮಟ್ಟದ ಸಾಂಸ್ಕೃತಿಕ ಕಾರ್ಯಕ್ರಮದಲ್ಲಿ ಸಂಗೀತ ಕ್ಷೇತ್ರದಲ್ಲಿ ಅವರು ಸಲ್ಲಿಸಿದ ಸೇವೆಯನ್ನು ಗುರುತಿಸಿ ಈ ಪ್ರಶಸ್ತಿ
ರಾಯಚೂರು ನಗರದ ಗಾಯಕಿ ಸಂತೋಷಿ ಅವರಿಗೆ ಕರ್ನಾಟಕ ರತ್ನಶ್ರೀ ಪ್ರಶಸ್ತಿ ಪ್ರದಾನ ಮಾಡಲಾಯಿತು. ಬೆಂಗಳೂರಿನಲ್ಲಿ ನಡೆದ ರಾಜ್ಯಮಟ್ಟದ ಸಾಂಸ್ಕೃತಿಕ ಕಾರ್ಯಕ್ರಮದಲ್ಲಿ ಸಂಗೀತ ಕ್ಷೇತ್ರದಲ್ಲಿ ಅವರು ಸಲ್ಲಿಸಿದ ಸೇವೆಯನ್ನು ಗುರುತಿಸಿ ಈ ಪ್ರಶಸ್ತಿ ನೀಡಲಾಯಿತು. ಸಣ್ಣ ವಯಸ್ಸಿನಲ್ಲಿಯೇ ಸಂಗೀತ ಅಭ್ಯಾಸ ಆರಂಭಿಸಿದ ಅವರು ಅನೇಕ ವೇದಿಕೆಗಳಲ್ಲಿ ಹಾಡಿ ಜನಮೆಚ್ಚುಗೆ ಗಳಿಸಿದ್ದಾರೆ. ಭಕ್ತಿಗೀತೆ, ಜಾನಪದ ಹಾಗೂ ಚಲನಚಿತ್ರ ಗೀತೆಗಳನ್ನು ಸುಮಧುರವಾಗಿ ಹಾಡುವ ಅವರ ಪ್ರತಿಭೆಗೆ ಈ ಗೌರವ ಸಂದಿದೆ. ಕಾರ್ಯಕ್ರಮದಲ್ಲಿ ಹಲವು ಗಣ್ಯರು, ಕಲಾವಿದರು ಉಪಸ್ಥಿತರಿದ್ದರು. ಪ್ರಶಸ್ತಿ ಪುರಸ್ಕೃತ ಗಾಯಕಿಗೆ ಕುಟುಂಬದವರು, ಸ್ನೇಹಿತರು ಅಭಿನಂದನೆ ಸಲ್ಲಿಸಿದರು.
ದೊರನಲ್ಲಿ ಪಪಂ ಆಗಿ ಮೇಲ್ದರ್ಜೆಗೆ:
ಶಾಸಕ ಚೆನ್ನಾರೆಡ್ಡಿ ಪಾಟೀಲ್ ತುನ್ನೂರುಗೆ ಜಮಾದಾರ ಸನ್ಮಾನ
● ಡಿ.ಡಿ. ನ್ಯೂಸ್, ಯಾದಗಿರಿ
ಶಹಾಪೂರ ತಾಲೂಕಿನ ದೊರನಹಳ್ಳಿ ಗ್ರಾಮ ಪಂಚಾಯತಿಯನ್ನು ಪಟ್ಟಣ ಪಂಚಾಯತಿಯನ್ನಾಗಿ ಮೇಲ್ದರ್ಜೆಗೇರಿಸಿ ಸರ್ಕಾರ ಆದೇಶ ಹೊರಡಿಸಿದ ಹಿನ್ನೆಲೆಯಲ್ಲಿ ಶಾಸಕ ಚೆನ್ನಾರೆಡ್ಡಿ ಪಾಟೀಲ್ ತುನ್ನೂರು ಅವರಿಗೆ ಗ್ರಾಮದ ಮುಖಂಡರು ಜಮಾದಾರ ಸನ್ಮಾನ ಮಾಡಿ ಗೌರವಿಸಿದರು. ಬಹುದಿನಗಳ ಬೇಡಿಕೆಯಾಗಿದ್ದ ದೊರನಹಳ್ಳಿ ಗ್ರಾಮವನ್ನು ಪಟ್ಟಣ ಪಂಚಾಯತಿಯನ್ನಾಗಿ ಮಾಡಲು ಶ್ರಮಿಸಿದ ಶಾಸಕರಿಗೆ ಗ್ರಾಮಸ್ಥರು ಕೃತಜ್ಞತೆ ಸಲ್ಲಿಸಿದರು. ಇದರಿಂದ ಗ್ರಾಮದ ಅಭಿವೃದ್ಧಿಗೆ ಹೆಚ್ಚಿನ ಅನುದಾನ ದೊರೆಯಲಿದ್ದು, ಮೂಲಸೌಕರ್ಯಗಳು ಸುಧಾರಣೆಯಾಗಲಿವೆ ಎಂದು ಮುಖಂಡರು ಅಭಿಪ್ರಾಯಪಟ್ಟರು. ಈ ಸಂದರ್ಭದಲ್ಲಿ ಗ್ರಾಮದ ಹಿರಿಯರು, ಯುವ ಮುಖಂಡರು ಹಾಗೂ ಕಾರ್ಯಕರ್ತರು ಉಪಸ್ಥಿತರಿದ್ದರು.
ಶಹಾಪೂರ ತಾಲೂಕಿನ ದೊರನಹಳ್ಳಿ ಗ್ರಾಮ ಪಂಚಾಯತಿಯನ್ನು ಪಟ್ಟಣ ಪಂಚಾಯತಿಯನ್ನಾಗಿ ಮೇಲ್ದರ್ಜೆಗೇರಿಸಿ ಸರ್ಕಾರ ಆದೇಶ ಹೊರಡಿಸಿದ ಹಿನ್ನೆಲೆಯಲ್ಲಿ ಶಾಸಕ ಚೆನ್ನಾರೆಡ್ಡಿ ಪಾಟೀಲ್ ತುನ್ನೂರು ಅವರಿಗೆ ಗ್ರಾಮದ ಮುಖಂಡರು ಜಮಾದಾರ ಸನ್ಮಾನ ಮಾಡಿ ಗೌರವಿಸಿದರು. ಬಹುದಿನಗಳ ಬೇಡಿಕೆಯಾಗಿದ್ದ ದೊರನಹಳ್ಳಿ ಗ್ರಾಮವನ್ನು ಪಟ್ಟಣ ಪಂಚಾಯತಿಯನ್ನಾಗಿ ಮಾಡಲು ಶ್ರಮಿಸಿದ ಶಾಸಕರಿಗೆ ಗ್ರಾಮಸ್ಥರು ಕೃತಜ್ಞತೆ ಸಲ್ಲಿಸಿದರು. ಇದರಿಂದ ಗ್ರಾಮದ ಅಭಿವೃದ್ಧಿಗೆ ಹೆಚ್ಚಿನ ಅನುದಾನ ದೊರೆಯಲಿದ್ದು, ಮೂಲಸೌಕರ್ಯಗಳು ಸುಧಾರಣೆಯಾಗಲಿವೆ ಎಂದು
ಶಹಾಪೂರ ತಾಲೂಕಿನ ದೊರನಹಳ್ಳಿ ಗ್ರಾಮ ಪಂಚಾಯತಿಯನ್ನು ಪಟ್ಟಣ ಪಂಚಾಯತಿಯನ್ನಾಗಿ ಮೇಲ್ದರ್ಜೆಗೇರಿಸಿ ಸರ್ಕಾರ ಆದೇಶ ಹೊರಡಿಸಿದ ಹಿನ್ನೆಲೆಯಲ್ಲಿ ಶಾಸಕ ಚೆನ್ನಾರೆಡ್ಡಿ ಪಾಟೀಲ್ ತುನ್ನೂರು ಅವರಿಗೆ ಗ್ರಾಮದ ಮುಖಂಡರು ಜಮಾದಾರ ಸನ್ಮಾನ ಮಾಡಿ ಗೌರವಿಸಿದರು. ಬಹುದಿನಗಳ ಬೇಡಿಕೆಯಾಗಿದ್ದ ದೊರನಹಳ್ಳಿ ಗ್ರಾಮವನ್ನು ಪಟ್ಟಣ ಪಂಚಾಯತಿಯನ್ನಾಗಿ ಮಾಡಲು ಶ್ರಮಿಸಿದ ಶಾಸಕರಿಗೆ ಗ್ರಾಮಸ್ಥರು ಕೃತಜ್ಞತೆ ಸಲ್ಲಿಸಿದರು. ಇದರಿಂದ ಗ್ರಾಮದ ಅಭಿವೃದ್ಧಿಗೆ ಹೆಚ್ಚಿನ ಅನುದಾನ ದೊರೆಯಲಿದ್ದು, ಮೂಲಸೌಕರ್ಯಗಳು ಸುಧಾರಣೆಯಾಗಲಿವೆ ಎಂದು ಮುಖಂಡರು ಅಭಿಪ್ರಾಯಪಟ್ಟರು. ಈ ಸಂದರ್ಭದಲ್ಲಿ ಗ್ರಾಮದ ಹಿರಿಯರು, ಯುವ ಮುಖಂಡರು ಹಾಗೂ ಕಾರ್ಯಕರ್ತರು ಉಪಸ್ಥಿತರಿದ್ದರು.
ಖಬರಸ್ಥಾನಕ್ಕೆ ಪ್ರಸ್ತಾವನೆ ವಿರೋಧಿಸಿ ಮನವಿ
● ಡಿ.ಡಿ. ನ್ಯೂಸ್, ಕೊಪ್ಪಳ
ತಾಲೂಕಿನ ಗ್ರಾಮದ ಸರ್ವೆ ನಂಬರಿನಲ್ಲಿರುವ ಸರ್ಕಾರಿ ಜಮೀನನ್ನು ಖಬರಸ್ಥಾನಕ್ಕೆ ಮಂಜೂರು ಮಾಡುವ ಪ್ರಸ್ತಾವನೆಯನ್ನು ವಿರೋಧಿಸಿ ಗ್ರಾಮಸ್ಥರು ತಹಸೀಲ್ದಾರರಿಗೆ ಮನವಿ ಸಲ್ಲಿಸಿದರು. ಸದರಿ ಜಮೀನು ಗ್ರಾಮದ ಸಾರ್ವಜನಿಕ ಉದ್ದೇಶಗಳಿಗೆ ಮೀಸಲಾಗಿದ್ದು, ಶಾಲೆ, ಆಸ್ಪತ್ರೆ ಹಾಗೂ ಆಟದ ಮೈದಾನಕ್ಕೆ ಬಳಸಬೇಕು. ಖಬರಸ್ಥಾನಕ್ಕೆ ಬೇರೆ ಕಡೆ ಜಾಗ ಗುರುತಿಸಬೇಕು ಎಂದು ಒತ್ತಾಯಿಸಿದರು. ಈ ಸಂದರ್ಭದಲ್ಲಿ ಗ್ರಾಮದ ಮುಖಂಡರು, ಯುವಕರು ಹಾಗೂ ಗ್ರಾಮಸ್ಥರು ಭಾಗವಹಿಸಿದ್ದರು. ತಹಸೀಲ್ದಾರರು ಮನವಿ ಸ್ವೀಕರಿಸಿ ಪರಿಶೀಲಿಸಿ ಸೂಕ್ತ ಕ್ರಮ ಕೈಗೊಳ್ಳುವುದಾಗಿ ಭರವಸೆ ನೀಡಿದರು.
ಸಿದ್ದರಾಮಯ್ಯ ನೇತೃತ್ವದ ಸರ್ಕಾರ ರೈತ ವಿರೋಧಿ: ಆಚಾರ
● ಡಿ.ಡಿ. ನ್ಯೂಸ್, ಯಲಬುರ್ಗಾ
ಕಬ್ಬು ಬೆಳೆಗಾರರ ಹೋರಾಟವನ್ನು ರಾಜ್ಯ ಸರ್ಕಾರ ಸಂಪೂರ್ಣ ನಿರ್ಲಕ್ಷ್ಯ ಮಾಡಿದೆ. ರಾಜ್ಯದಲ್ಲಿ ಸಿದ್ದರಾಮಯ್ಯ ನೇತೃತ್ವದ ಕಾಂಗ್ರೆಸ್ ಸರ್ಕಾರ ರೈತ ವಿರೋಧಿ ನೀತಿ ಅನುಸರಿಸುತ್ತಿದೆ ಎಂದು ಮಾಜಿ ಸಚಿವ ಹಾಲಪ್ಪ ಆಚಾರ ಆರೋಪಿಸಿದರು. ಪತ್ರಿಕಾ ಹೇಳಿಕೆ ನೀಡಿರುವ ಅವರು, ಕಳೆದ ಹಲವು ದಿನಗಳಿಂದ ಕಬ್ಬು ಬೆಳೆಗಾರರು ಪ್ರತಿ ಟನ್ ಕಬ್ಬಿಗೆ ನ್ಯಾಯಯುತ ಬೆಲೆ ನೀಡುವಂತೆ ಹೋರಾಟ ನಡೆಸುತ್ತಿದ್ದರೂ ಸರ್ಕಾರ ಸ್ಪಂದಿಸುತ್ತಿಲ್ಲ. ರೈತರ ಸಮಸ್ಯೆ ಬಗೆಹರಿಸಲು ಮುಖ್ಯಮಂತ್ರಿಗಳು ಕೂಡಲೇ ಸಭೆ ಕರೆದು ಸೂಕ್ತ ನಿರ್ಧಾರ ಕೈಗೊಳ್ಳಬೇಕು. ಕೇಂದ್ರ ಸರ್ಕಾರದ ಮೇಲೆ ಆರೋಪ ಮಾಡುವುದನ್ನು ಬಿಟ್ಟು ರಾಜ್ಯ ಸರ್ಕಾರ ತನ್ನ ಜವಾಬ್ದಾರಿ ನಿಭಾಯಿಸಬೇಕು. ರೈತರ ಹಿತ ಕಾಪಾಡುವಲ್ಲಿ ಸರ್ಕಾರ ವಿಫಲವಾಗಿದೆ ಎಂದು ಟೀಕಿಸಿದರು. ರೈತರ ಬೇಡಿಕೆ ಈಡೇರಿಸದಿದ್ದಲ್ಲಿ ಬಿಜೆಪಿ ವತಿಯಿಂದ ರಾಜ್ಯಾದ್ಯಂತ ಹೋರಾಟ ನಡೆಸಲಾಗುವುದು ಎಂದು ಎಚ್ಚರಿಸಿದರು.	ಕಬ್ಬು ಬೆಳೆಗಾರರ ಹೋರಾಟವನ್ನು ರಾಜ್ಯ ಸರ್ಕಾರ ಸಂಪೂರ್ಣ ನಿರ್ಲಕ್ಷ್ಯ ಮಾಡಿದೆ. ರಾಜ್ಯದಲ್ಲಿ ಸಿದ್ದರಾಮಯ್ಯ ನೇತೃತ್ವದ ಕಾಂಗ್ರೆಸ್ ಸರ್ಕಾರ ರೈತ ವಿರೋಧಿ ನೀತಿ ಅನುಸರಿಸುತ್ತಿದೆ ಎಂದು ಮಾಜಿ ಸಚಿವ ಹಾಲಪ್ಪ ಆಚಾರ ಆರೋಪಿಸಿದರು. ಪತ್ರಿಕಾ ಹೇಳಿಕೆ ನೀಡಿರುವ ಅವರು, ಕಳೆದ ಹಲವು ದಿನಗಳಿಂದ ಕಬ್ಬು ಬೆಳೆಗಾರರು ಪ್ರತಿ ಟನ್ ಕಬ್ಬಿಗೆ ನ್ಯಾಯಯುತ ಬೆಲೆ ನೀಡುವಂತೆ ಹೋರಾಟ ನಡೆಸುತ್ತಿದ್ದರೂ ಸರ್ಕಾರ ಸ್ಪಂದಿಸುತ್ತಿಲ್ಲ. ರೈತರ ಸಮಸ್ಯೆ ಬಗೆಹರಿಸಲು ಮುಖ್ಯಮಂತ್ರಿಗಳು ಕೂಡಲೇ ಸಭೆ ಕರೆದು ಸೂಕ್ತ ನಿರ್ಧಾರ ಕೈಗೊಳ್ಳಬೇಕು. ಕೇಂದ್ರ ಸರ್ಕಾರದ ಮೇಲೆ ಆರೋಪ ಮಾಡುವುದನ್ನು ಬಿಟ್ಟು ರಾಜ್ಯ ಸರ್ಕಾರ ತನ್ನ ಜವಾಬ್ದಾರಿ ನಿಭಾಯಿಸಬೇಕು. ರೈತರ ಹಿತ ಕಾಪಾಡುವಲ್ಲಿ ಸರ್ಕಾರ ವಿಫಲವಾಗಿದೆ ಎಂದು ಟೀಕಿಸಿದರು. ರೈತರ ಬೇಡಿಕೆ ಈಡೇರಿಸದಿದ್ದಲ್ಲಿ ಬಿಜೆಪಿ ವತಿಯಿಂದ
ಕಬ್ಬು ಬೆಳೆಗಾರರ ಹೋರಾಟವನ್ನು ರಾಜ್ಯ ಸರ್ಕಾರ ಸಂಪೂರ್ಣ ನಿರ್ಲಕ್ಷ್ಯ ಮಾಡಿದೆ. ರಾಜ್ಯದಲ್ಲಿ ಸಿದ್ದರಾಮಯ್ಯ ನೇತೃತ್ವದ ಕಾಂಗ್ರೆಸ್ ಸರ್ಕಾರ ರೈತ ವಿರೋಧಿ ನೀತಿ ಅನುಸರಿಸುತ್ತಿದೆ ಎಂದು ಮಾಜಿ ಸಚಿವ ಹಾಲಪ್ಪ ಆಚಾರ ಆರೋಪಿಸಿದರು. ಪತ್ರಿಕಾ ಹೇಳಿಕೆ ನೀಡಿರುವ ಅವರು, ಕಳೆದ ಹಲವು ದಿನಗಳಿಂದ ಕಬ್ಬು ಬೆಳೆಗಾರರು ಪ್ರತಿ ಟನ್ ಕಬ್ಬಿಗೆ ನ್ಯಾಯಯುತ ಬೆಲೆ ನೀಡುವಂತೆ ಹೋರಾಟ ನಡೆಸುತ್ತಿದ್ದರೂ ಸರ್ಕಾರ ಸ್ಪಂದಿಸುತ್ತಿಲ್ಲ. ರೈತರ ಸಮಸ್ಯೆ ಬಗೆಹರಿಸಲು ಮುಖ್ಯಮಂತ್ರಿಗಳು ಕೂಡಲೇ ಸಭೆ ಕರೆದು ಸೂಕ್ತ ನಿರ್ಧಾರ ಕೈಗೊಳ್ಳಬೇಕು. ಕೇಂದ್ರ ಸರ್ಕಾರದ ಮೇಲೆ ಆರೋಪ ಮಾಡುವುದನ್ನು ಬಿಟ್ಟು ರಾಜ್ಯ ಸರ್ಕಾರ ತನ್ನ ಜವಾಬ್ದಾರಿ ನಿಭಾಯಿಸಬೇಕು. ರೈತರ ಹಿತ ಕಾಪಾಡುವಲ್ಲಿ ಸರ್ಕಾರ ವಿಫಲವಾಗಿದೆ ಎಂದು ಟೀಕಿಸಿದರು. ರೈತರ ಬೇಡಿಕೆ ಈಡೇರಿಸದಿದ್ದಲ್ಲಿ ಬಿಜೆಪಿ ವತಿಯಿಂದ ರಾಜ್ಯಾದ್ಯಂತ ಹೋರಾಟ ನಡೆಸಲಾಗುವುದು ಎಂದು ಎಚ್ಚರಿಸಿದರು.
ತಿರುಪತಿಯಲ್ಲಿ ಕಾಣೆಯಾಗಿದ್ದ ಪತಿ 12ನೇ ಪ್ರತ್ಯಕ್ಷ
ಫಲಿಸಿತು ಸತಿಯ ಪ್ರಾರ್ಥನೆ! ಹೊತ್ತಿನ ತುತ್ತು ತಿನ್ನದೇ 10 ದಿನ ಹುಡುಕಾಟ
● ಡಿ.ಡಿ. ನ್ಯೂಸ್, ಕೊಪ್ಪಳ
ತಿರುಪತಿ ತಿಮ್ಮಪ್ಪನ ದರ್ಶನಕ್ಕೆಂದು ತೆರಳಿದ್ದ ಕೊಪ್ಪಳ ಜಿಲ್ಲೆಯ ವ್ಯಕ್ತಿಯೊಬ್ಬರು ಅಲ್ಲಿ ಕಾಣೆಯಾಗಿದ್ದು, ಹನ್ನೆರಡು ದಿನಗಳ ಬಳಿಕ ಪತ್ತೆಯಾಗಿದ್ದಾರೆ. ಪತಿ ಕಾಣೆಯಾದ ದಿನದಿಂದ ಪತ್ನಿ ಊಟ ನಿದ್ದೆ ಬಿಟ್ಟು ಹುಡುಕಾಟ ನಡೆಸಿದ್ದರು. ಕುಟುಂಬದವರೊಂದಿಗೆ ತಿರುಪತಿಗೆ ತೆರಳಿದ್ದ ಅವರು ದೇವಸ್ಥಾನದ ಆವರಣದಲ್ಲಿ ಜನಸಂದಣಿಯಲ್ಲಿ ತಪ್ಪಿಸಿಕೊಂಡಿದ್ದರು. ಪೊಲೀಸರಿಗೆ ದೂರು ನೀಡಿ ಎಲ್ಲೆಡೆ ಹುಡುಕಿದರೂ ಪತ್ತೆಯಾಗಿರಲಿಲ್ಲ. ಸಾಮಾಜಿಕ ಜಾಲತಾಣಗಳಲ್ಲಿ ಫೋಟೋ ಹಂಚಿಕೊಳ್ಳಲಾಗಿತ್ತು. ಕೊನೆಗೂ ಗುರುವಾರ ಗೋಸಂಗಿ ಗ್ರಾಮದ ಬಳಿ ಪತಿ ಪತ್ತೆಯಾಗಿದ್ದು, ಕುಟುಂಬದಲ್ಲಿ ಸಂತಸ ಮನೆಮಾಡಿದೆ. ಪತ್ನಿಯ ಪ್ರಾರ್ಥನೆ ಫಲಿಸಿತು ಎಂದು ಗ್ರಾಮಸ್ಥರು ಸಂತಸ ವ್ಯಕ್ತಪಡಿಸಿದರು. ಮನೆಗೆ ಮರಳಿದ ಪತಿಯನ್ನು ಕುಟುಂಬಸ್ಥರು ಬರಮಾಡಿಕೊಂಡರು.	ಗುರುವಾರ ಗೋಸಂಗಿಗೆ ಬಂದ ಪತಿರಾಯ..!
ಗುರುವಾರ ಗೋಸಂಗಿ ಗ್ರಾಮದಲ್ಲಿ ಪತಿ ಪತ್ತೆಯಾಗಿದ್ದು ಕೂಡಲೇ ಕುಟುಂಬಸ್ಥರಿಗೆ ಮಾಹಿತಿ ನೀಡಲಾಯಿತು. ತಿರುಪತಿಯಿಂದ ಹೇಗೆ ಬಂದರು ಎಂಬ ಬಗ್ಗೆ ಅವರಿಗೆ ನೆನಪಿಲ್ಲ ಎನ್ನಲಾಗಿದೆ. ಹನ್ನೆರಡು ದಿನಗಳ ಕಾಲ ಊಟ ಸರಿಯಾಗಿ ಇಲ್ಲದೆ ಸೊರಗಿದ್ದ ಅವರಿಗೆ ಚಿಕಿತ್ಸೆ ನೀಡಲಾಯಿತು. ಪತಿ ಮರಳಿ ಬಂದ ಸುದ್ದಿ ತಿಳಿದು ಗ್ರಾಮಸ್ಥರು, ಸಂಬಂಧಿಕರು ಮನೆಗೆ ಭೇಟಿ ನೀಡಿ ಸಂತಸ ಹಂಚಿಕೊಂಡರು. ಪೊಲೀಸರು ಹಾಗೂ ಸಹಕರಿಸಿದ ಎಲ್ಲರಿಗೂ ಕುಟುಂಬದವರು ಕೃತಜ್ಞತೆ ಸಲ್ಲಿಸಿದರು.
‘DESHA DOOTHA’ Kannada Daily Editor, Printer, Publisher & Owned By Sharanappa Gumageri, kudrikotagi, Tq: Yelaburga, District : Koppal. State : Karnataka. Printed at Dwarak Printers &
Publishers, Plot No. 12, Opp. Govt. Girls Hostel, GaneshaNagara, At & Post: Koppal-583231 Koppal District , Karnataka State, Cell : 9844929934, e-mail : deshadootha1993@gmail.com
